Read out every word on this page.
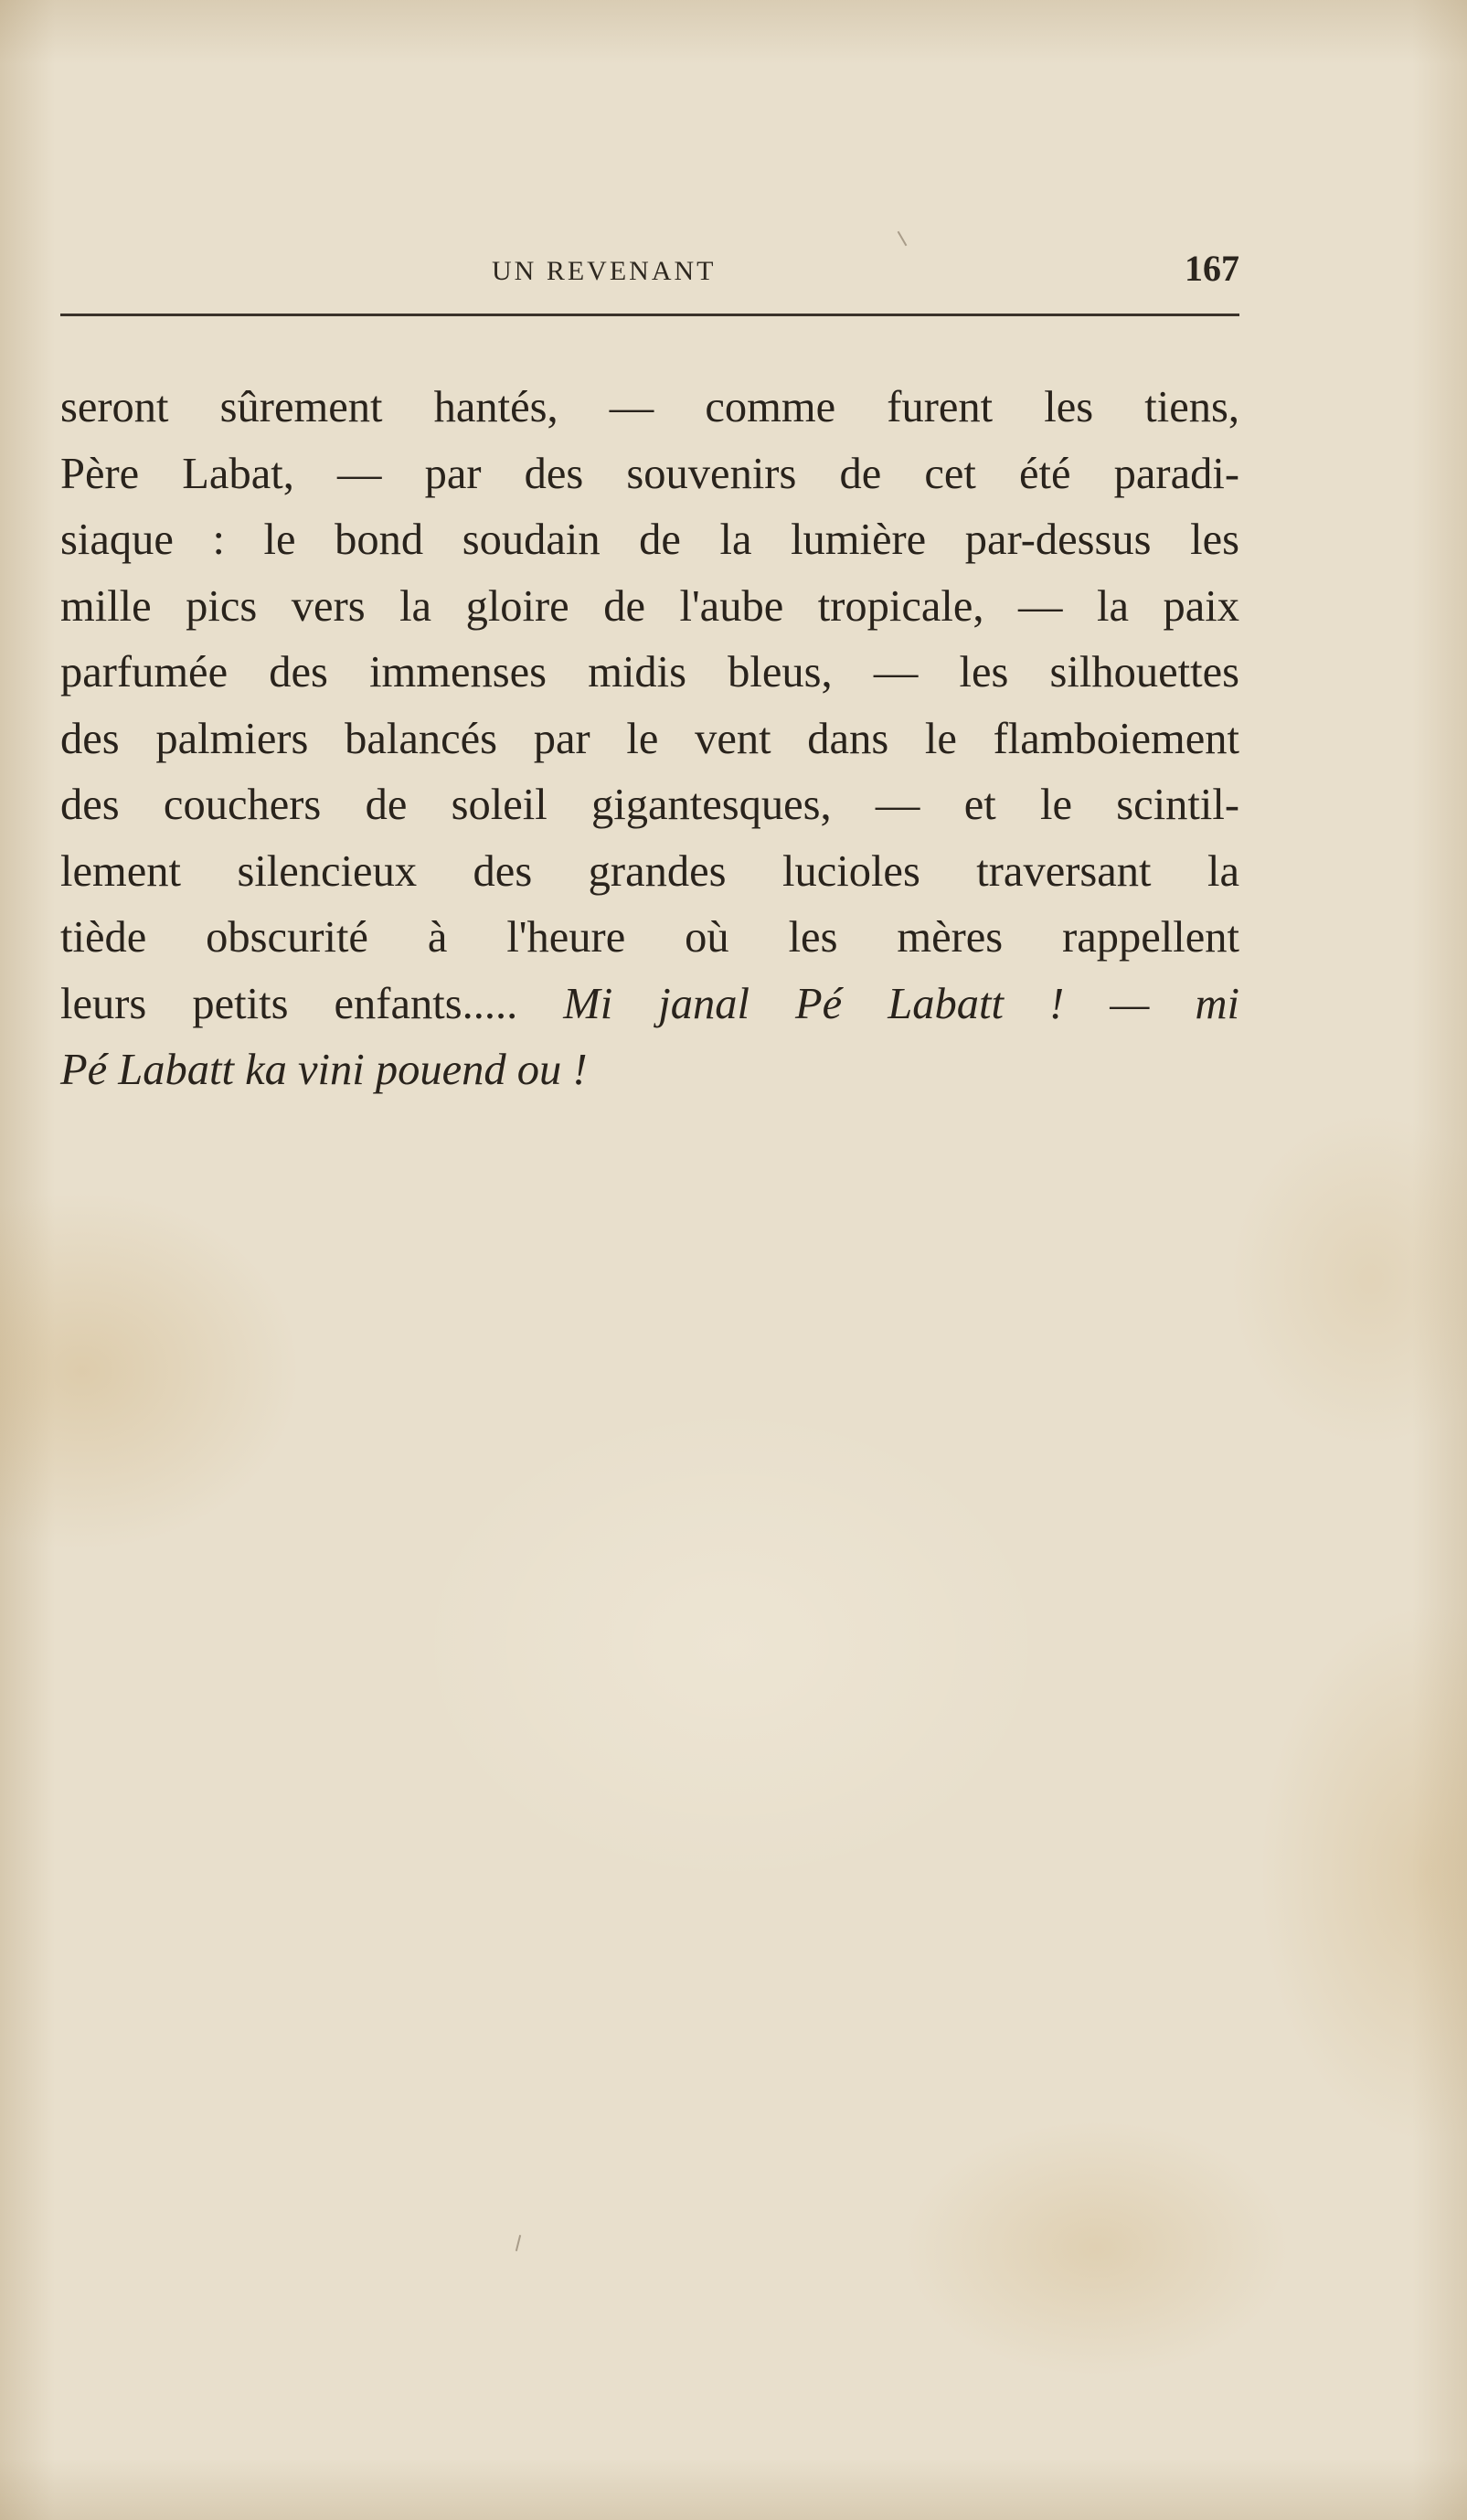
UN REVENANT	167
seront sûrement hantés, — comme furent les tiens,
Père Labat, — par des souvenirs de cet été paradi-
siaque : le bond soudain de la lumière par-dessus les
mille pics vers la gloire de l'aube tropicale, — la paix
parfumée des immenses midis bleus, — les silhouettes
des palmiers balancés par le vent dans le flamboiement
des couchers de soleil gigantesques, — et le scintil-
lement silencieux des grandes lucioles traversant la
tiède obscurité à l'heure où les mères rappellent
leurs petits enfants..... Mi janal Pé Labatt ! — mi
Pé Labatt ka vini pouend ou !
